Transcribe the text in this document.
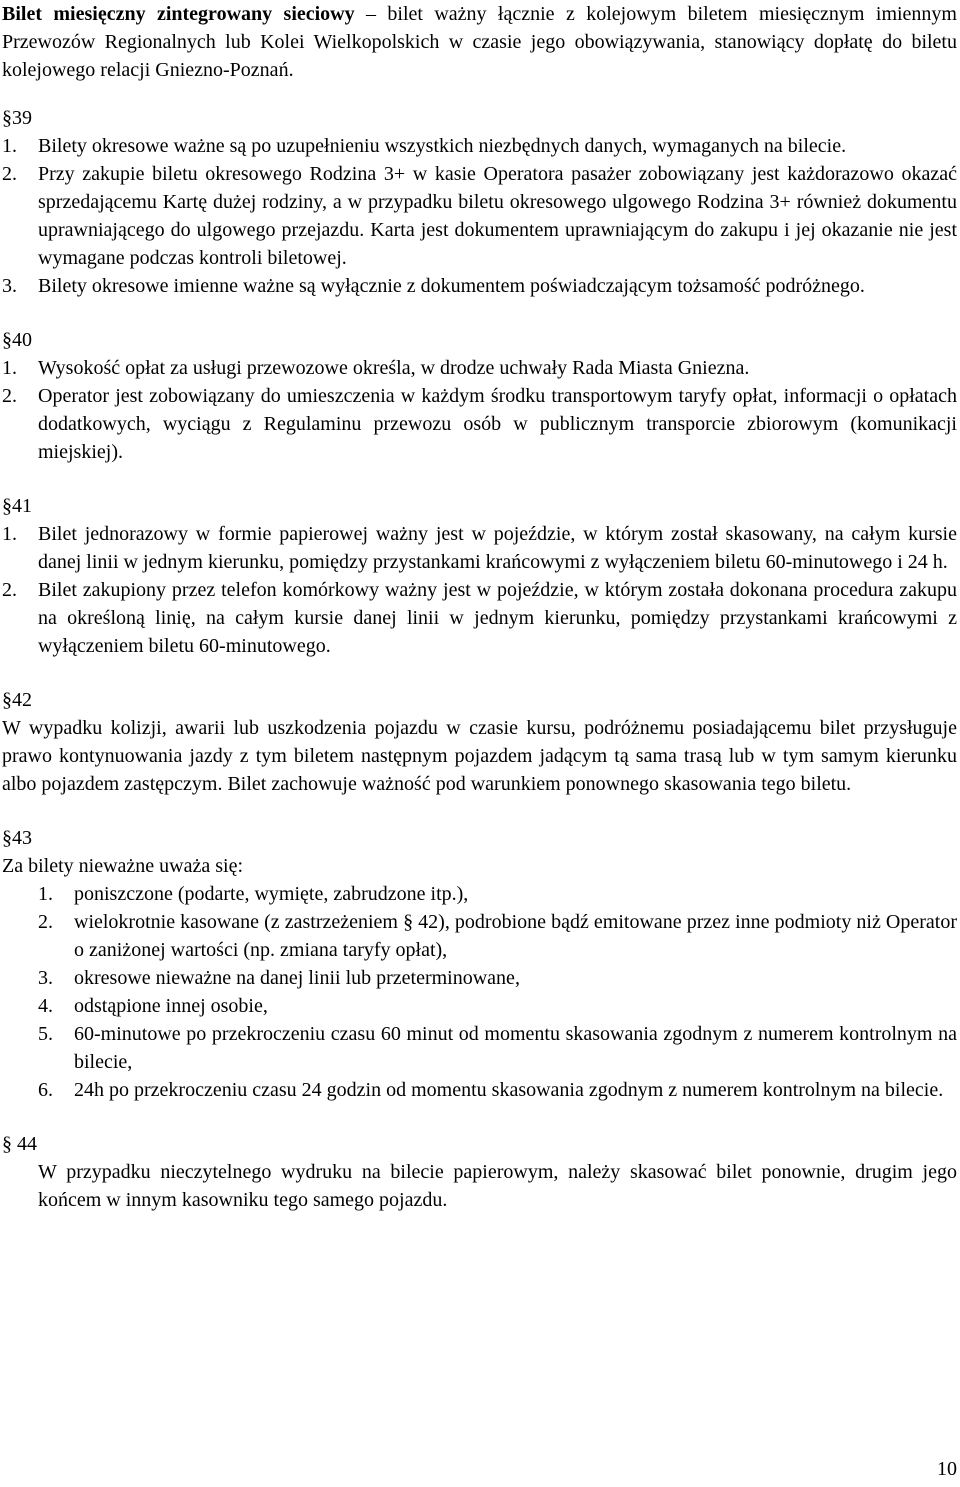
Bilet miesięczny zintegrowany sieciowy – bilet ważny łącznie z kolejowym biletem miesięcznym imiennym Przewozów Regionalnych lub Kolei Wielkopolskich w czasie jego obowiązywania, stanowiący dopłatę do biletu kolejowego relacji Gniezno-Poznań.

§39

1.	Bilety okresowe ważne są po uzupełnieniu wszystkich niezbędnych danych, wymaganych na bilecie.
2.	Przy zakupie biletu okresowego Rodzina 3+ w kasie Operatora pasażer zobowiązany jest każdorazowo okazać sprzedającemu Kartę dużej rodziny, a w przypadku biletu okresowego ulgowego Rodzina 3+ również dokumentu uprawniającego do ulgowego przejazdu. Karta jest dokumentem uprawniającym do zakupu i jej okazanie nie jest wymagane podczas kontroli biletowej.
3.	Bilety okresowe imienne ważne są wyłącznie z dokumentem poświadczającym tożsamość podróżnego.

§40

1.	Wysokość opłat za usługi przewozowe określa, w drodze uchwały Rada Miasta Gniezna.
2.	Operator jest zobowiązany do umieszczenia w każdym środku transportowym taryfy opłat, informacji o opłatach dodatkowych, wyciągu z Regulaminu przewozu osób w publicznym transporcie zbiorowym (komunikacji miejskiej).

§41

1.	Bilet jednorazowy w formie papierowej ważny jest w pojeździe, w którym został skasowany, na całym kursie danej linii w jednym kierunku, pomiędzy przystankami krańcowymi z wyłączeniem biletu 60-minutowego i 24 h.
2.	Bilet zakupiony przez telefon komórkowy ważny jest w pojeździe, w którym została dokonana procedura zakupu na określoną linię, na całym kursie danej linii w jednym kierunku, pomiędzy przystankami krańcowymi z wyłączeniem biletu 60-minutowego.

§42

W wypadku kolizji, awarii lub uszkodzenia pojazdu w czasie kursu, podróżnemu posiadającemu bilet przysługuje prawo kontynuowania jazdy z tym biletem następnym pojazdem jadącym tą sama trasą lub w tym samym kierunku albo pojazdem zastępczym. Bilet zachowuje ważność pod warunkiem ponownego skasowania tego biletu.

§43

Za bilety nieważne uważa się:

1.	poniszczone (podarte, wymięte, zabrudzone itp.),
2.	wielokrotnie kasowane (z zastrzeżeniem § 42), podrobione bądź emitowane przez inne podmioty niż Operator o zaniżonej wartości (np. zmiana taryfy opłat),
3.	okresowe nieważne na danej linii lub przeterminowane,
4.	odstąpione innej osobie,
5.	60-minutowe po przekroczeniu czasu 60 minut od momentu skasowania zgodnym z numerem kontrolnym na bilecie,
6.	24h po przekroczeniu czasu 24 godzin od momentu skasowania zgodnym z numerem kontrolnym na bilecie.

§ 44

W przypadku nieczytelnego wydruku na bilecie papierowym, należy skasować bilet ponownie, drugim jego końcem w innym kasowniku tego samego pojazdu.

10
